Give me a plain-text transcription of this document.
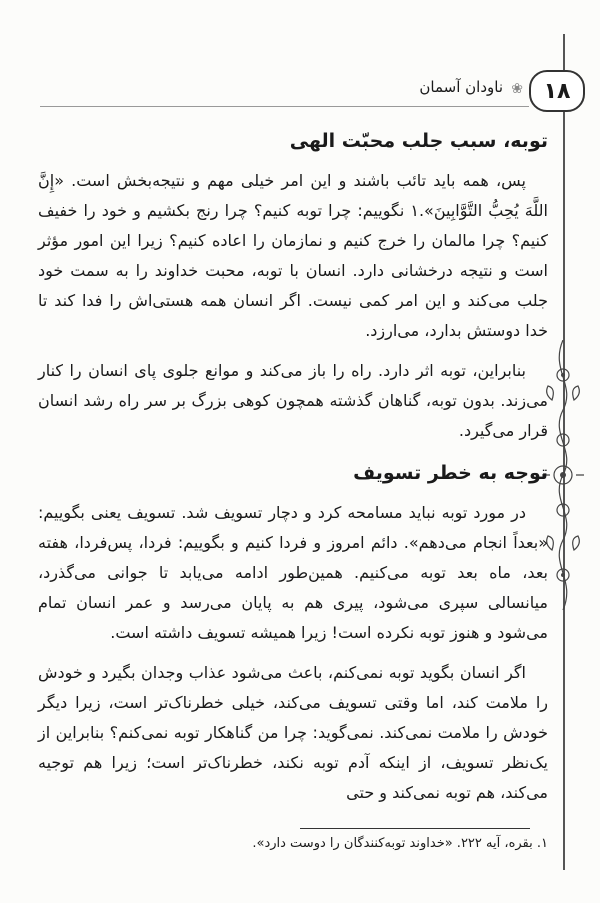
۱۸
❀
ناودان آسمان
توبه، سبب جلب محبّت الهی

پس، همه باید تائب باشند و این امر خیلی مهم و نتیجه‌بخش است. «إِنَّ اللَّهَ يُحِبُّ التَّوَّابِينَ».۱ نگوییم: چرا توبه کنیم؟ چرا رنج بکشیم و خود را خفیف کنیم؟ چرا مالمان را خرج کنیم و نمازمان را اعاده کنیم؟ زیرا این امور مؤثر است و نتیجه درخشانی دارد. انسان با توبه، محبت خداوند را به سمت خود جلب می‌کند و این امر کمی نیست. اگر انسان همه هستی‌اش را فدا کند تا خدا دوستش بدارد، می‌ارزد.

بنابراین، توبه اثر دارد. راه را باز می‌کند و موانع جلوی پای انسان را کنار می‌زند. بدون توبه، گناهان گذشته همچون کوهی بزرگ بر سر راه رشد انسان قرار می‌گیرد.

توجه به خطر تسویف

در مورد توبه نباید مسامحه کرد و دچار تسویف شد. تسویف یعنی بگوییم: «بعداً انجام می‌دهم». دائم امروز و فردا کنیم و بگوییم: فردا، پس‌فردا، هفته بعد، ماه بعد توبه می‌کنیم. همین‌طور ادامه می‌یابد تا جوانی می‌گذرد، میانسالی سپری می‌شود، پیری هم به پایان می‌رسد و عمر انسان تمام می‌شود و هنوز توبه نکرده است! زیرا همیشه تسویف داشته است.

اگر انسان بگوید توبه نمی‌کنم، باعث می‌شود عذاب وجدان بگیرد و خودش را ملامت کند، اما وقتی تسویف می‌کند، خیلی خطرناک‌تر است، زیرا دیگر خودش را ملامت نمی‌کند. نمی‌گوید: چرا من گناهکار توبه نمی‌کنم؟ بنابراین از یک‌نظر تسویف، از اینکه آدم توبه نکند، خطرناک‌تر است؛ زیرا هم توجیه می‌کند، هم توبه نمی‌کند و حتی

۱. بقره، آیه ۲۲۲. «خداوند توبه‌کنندگان را دوست دارد».
